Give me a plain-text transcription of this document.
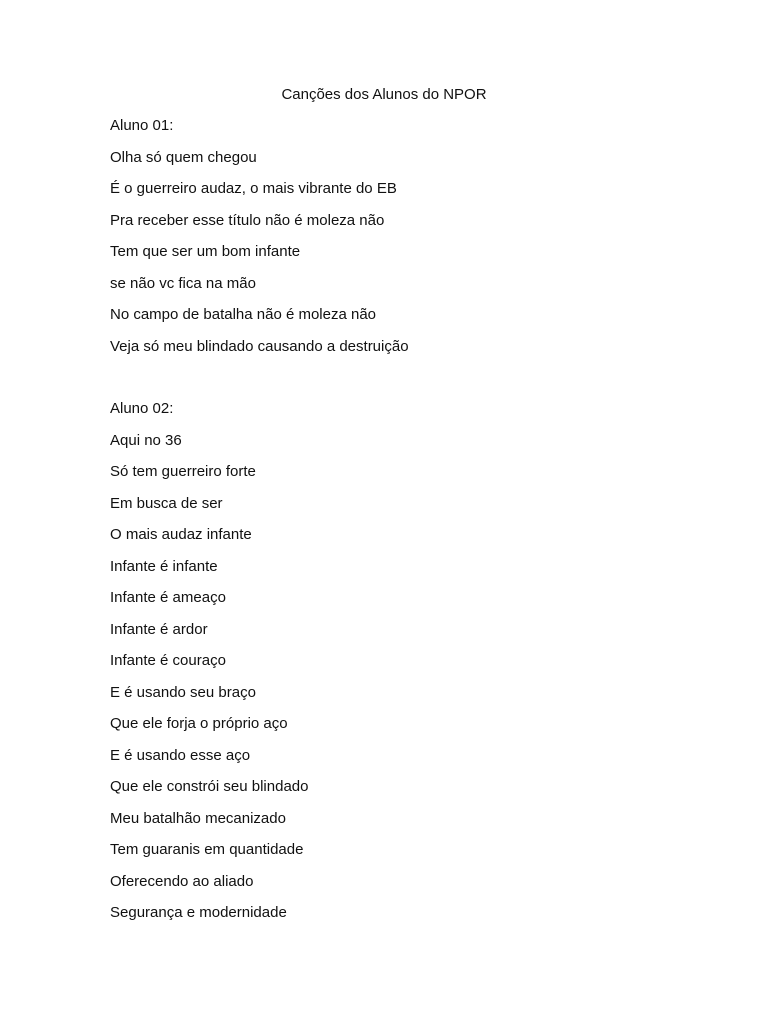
Canções dos Alunos do NPOR
Aluno 01:
Olha só quem chegou
É o guerreiro audaz, o mais vibrante do EB
Pra receber esse título não é moleza não
Tem que ser um bom infante
se não vc fica na mão
No campo de batalha não é moleza não
Veja só meu blindado causando a destruição
Aluno 02:
Aqui no 36
Só tem guerreiro forte
Em busca de ser
O mais audaz infante
Infante é infante
Infante é ameaço
Infante é ardor
Infante é couraço
E é usando seu braço
Que ele forja o próprio aço
E é usando esse aço
Que ele constrói seu blindado
Meu batalhão mecanizado
Tem guaranis em quantidade
Oferecendo ao aliado
Segurança e modernidade
